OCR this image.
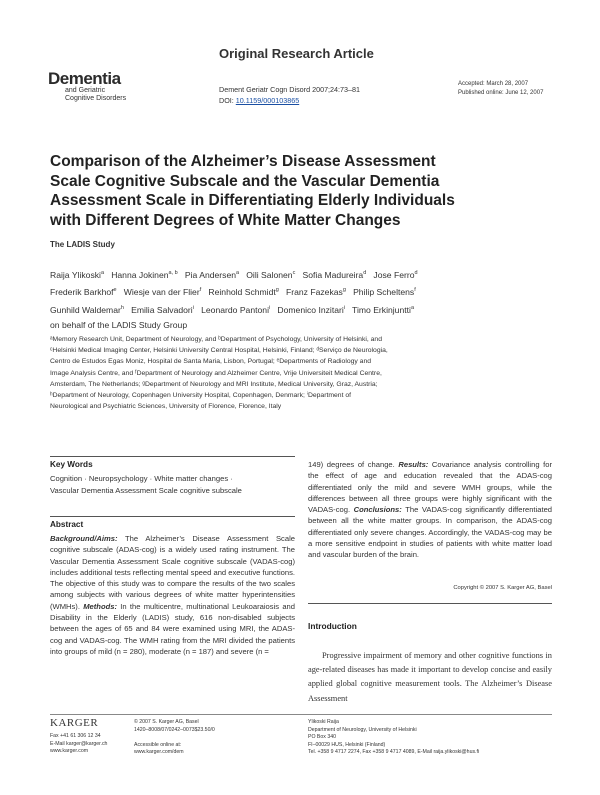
Original Research Article
Dementia
and Geriatric
Cognitive Disorders
Dement Geriatr Cogn Disord 2007;24:73–81
DOI: 10.1159/000103865
Accepted: March 28, 2007
Published online: June 12, 2007
Comparison of the Alzheimer’s Disease Assessment
Scale Cognitive Subscale and the Vascular Dementia
Assessment Scale in Differentiating Elderly Individuals
with Different Degrees of White Matter Changes
The LADIS Study
Raija Ylikoski$^a$ Hanna Jokinen$^{a, b}$ Pia Andersen$^a$ Oili Salonen$^c$ Sofia Madureira$^d$ Jose Ferro$^d$
Frederik Barkhof$^e$ Wiesje van der Flier$^f$ Reinhold Schmidt$^g$ Franz Fazekas$^g$ Philip Scheltens$^f$
Gunhild Waldemar$^h$ Emilia Salvadori$^i$ Leonardo Pantoni$^i$ Domenico Inzitari$^i$ Timo Erkinjuntti$^a$
on behalf of the LADIS Study Group
ᵃMemory Research Unit, Department of Neurology, and ᵇDepartment of Psychology, University of Helsinki, and
ᶜHelsinki Medical Imaging Center, Helsinki University Central Hospital, Helsinki, Finland; ᵈServiço de Neurologia,
Centro de Estudos Egas Moniz, Hospital de Santa Maria, Lisbon, Portugal; ᵉDepartments of Radiology and
Image Analysis Centre, and ᶠDepartment of Neurology and Alzheimer Centre, Vrije Universiteit Medical Centre,
Amsterdam, The Netherlands; ᵍDepartment of Neurology and MRI Institute, Medical University, Graz, Austria;
ʰDepartment of Neurology, Copenhagen University Hospital, Copenhagen, Denmark; ⁱDepartment of
Neurological and Psychiatric Sciences, University of Florence, Florence, Italy
Key Words
Cognition · Neuropsychology · White matter changes ·
Vascular Dementia Assessment Scale cognitive subscale
Abstract
Background/Aims: The Alzheimer’s Disease Assessment Scale cognitive subscale (ADAS-cog) is a widely used rating instrument. The Vascular Dementia Assessment Scale cognitive subscale (VADAS-cog) includes additional tests reflecting mental speed and executive functions. The objective of this study was to compare the results of the two scales among subjects with various degrees of white matter hyperintensities (WMHs). Methods: In the multicentre, multinational Leukoaraiosis and Disability in the Elderly (LADIS) study, 616 non-disabled subjects between the ages of 65 and 84 were examined using MRI, the ADAS-cog and VADAS-cog. The WMH rating from the MRI divided the patients into groups of mild (n = 280), moderate (n = 187) and severe (n =
149) degrees of change. Results: Covariance analysis controlling for the effect of age and education revealed that the ADAS-cog differentiated only the mild and severe WMH groups, while the differences between all three groups were highly significant with the VADAS-cog. Conclusions: The VADAS-cog significantly differentiated between all the white matter groups. In comparison, the ADAS-cog differentiated only severe changes. Accordingly, the VADAS-cog may be a more sensitive endpoint in studies of patients with white matter load and vascular burden of the brain.
Copyright © 2007 S. Karger AG, Basel
Introduction
Progressive impairment of memory and other cognitive functions in age-related diseases has made it important to develop concise and easily applied global cognitive measurement tools. The Alzheimer’s Disease Assessment
KARGER
Fax +41 61 306 12 34
E-Mail karger@karger.ch
www.karger.com
© 2007 S. Karger AG, Basel
1420–8008/07/0242–0073$23.50/0

Accessible online at:
www.karger.com/dem
Ylikoski Raija
Department of Neurology, University of Helsinki
PO Box 340
FI–00029 HUS, Helsinki (Finland)
Tel. +358 9 4717 2274, Fax +358 9 4717 4089, E-Mail raija.ylikoski@hus.fi
